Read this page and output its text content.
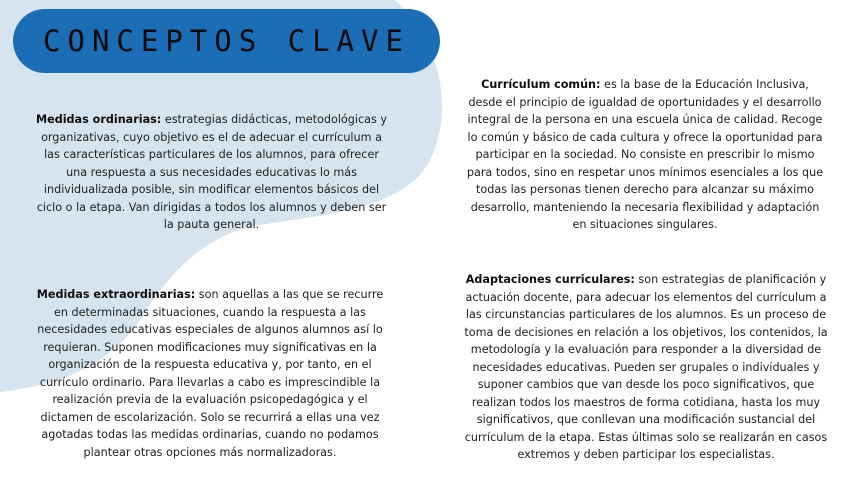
CONCEPTOS CLAVE
Medidas ordinarias: estrategias didácticas, metodológicas y organizativas, cuyo objetivo es el de adecuar el currículum a las características particulares de los alumnos, para ofrecer una respuesta a sus necesidades educativas lo más individualizada posible, sin modificar elementos básicos del ciclo o la etapa. Van dirigidas a todos los alumnos y deben ser la pauta general.
Medidas extraordinarias: son aquellas a las que se recurre en determinadas situaciones, cuando la respuesta a las necesidades educativas especiales de algunos alumnos así lo requieran. Suponen modificaciones muy significativas en la organización de la respuesta educativa y, por tanto, en el currículo ordinario. Para llevarlas a cabo es imprescindible la realización previa de la evaluación psicopedagógica y el dictamen de escolarización. Solo se recurrirá a ellas una vez agotadas todas las medidas ordinarias, cuando no podamos plantear otras opciones más normalizadoras.
Currículum común: es la base de la Educación Inclusiva, desde el principio de igualdad de oportunidades y el desarrollo integral de la persona en una escuela única de calidad. Recoge lo común y básico de cada cultura y ofrece la oportunidad para participar en la sociedad. No consiste en prescribir lo mismo para todos, sino en respetar unos mínimos esenciales a los que todas las personas tienen derecho para alcanzar su máximo desarrollo, manteniendo la necesaria flexibilidad y adaptación en situaciones singulares.
Adaptaciones curriculares: son estrategias de planificación y actuación docente, para adecuar los elementos del currículum a las circunstancias particulares de los alumnos. Es un proceso de toma de decisiones en relación a los objetivos, los contenidos, la metodología y la evaluación para responder a la diversidad de necesidades educativas. Pueden ser grupales o individuales y suponer cambios que van desde los poco significativos, que realizan todos los maestros de forma cotidiana, hasta los muy significativos, que conllevan una modificación sustancial del currículum de la etapa. Estas últimas solo se realizarán en casos extremos y deben participar los especialistas.
